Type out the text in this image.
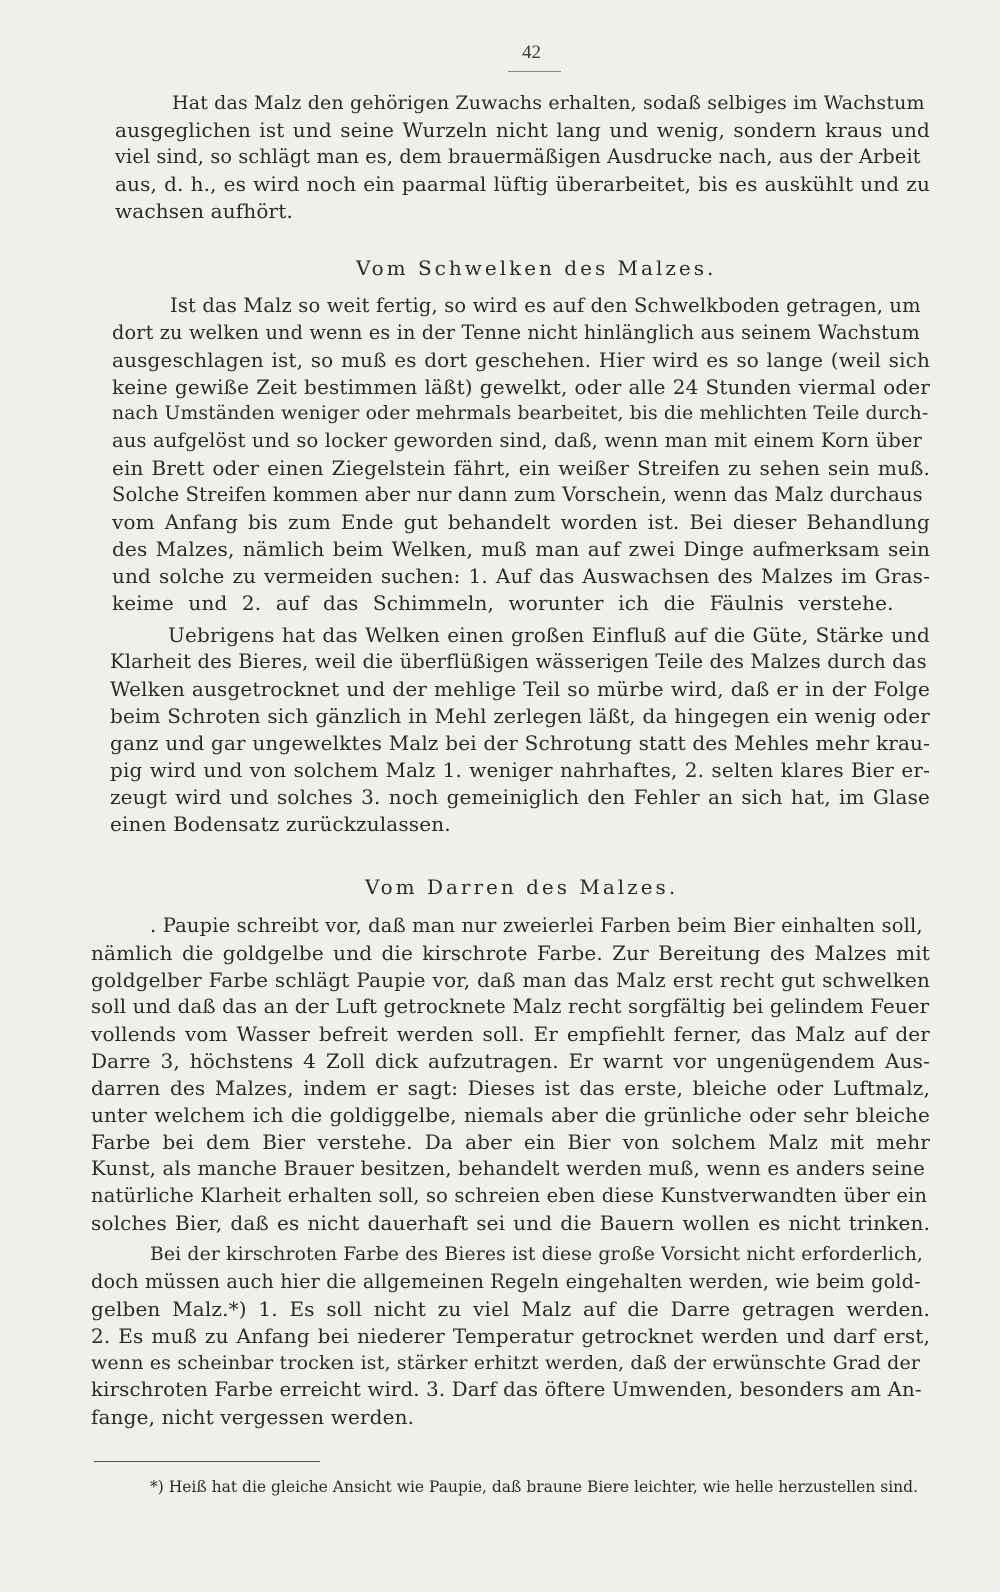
42
Hat das Malz den gehörigen Zuwachs erhalten, sodaß selbiges im Wachstum
ausgeglichen ist und seine Wurzeln nicht lang und wenig, sondern kraus und
viel sind, so schlägt man es, dem brauermäßigen Ausdrucke nach, aus der Arbeit
aus, d. h., es wird noch ein paarmal lüftig überarbeitet, bis es auskühlt und zu
wachsen aufhört.
Vom Schwelken des Malzes.
Ist das Malz so weit fertig, so wird es auf den Schwelkboden getragen, um
dort zu welken und wenn es in der Tenne nicht hinlänglich aus seinem Wachstum
ausgeschlagen ist, so muß es dort geschehen. Hier wird es so lange (weil sich
keine gewiße Zeit bestimmen läßt) gewelkt, oder alle 24 Stunden viermal oder
nach Umständen weniger oder mehrmals bearbeitet, bis die mehlichten Teile durch-
aus aufgelöst und so locker geworden sind, daß, wenn man mit einem Korn über
ein Brett oder einen Ziegelstein fährt, ein weißer Streifen zu sehen sein muß.
Solche Streifen kommen aber nur dann zum Vorschein, wenn das Malz durchaus
vom Anfang bis zum Ende gut behandelt worden ist. Bei dieser Behandlung
des Malzes, nämlich beim Welken, muß man auf zwei Dinge aufmerksam sein
und solche zu vermeiden suchen: 1. Auf das Auswachsen des Malzes im Gras-
keime und 2. auf das Schimmeln, worunter ich die Fäulnis verstehe.
Uebrigens hat das Welken einen großen Einfluß auf die Güte, Stärke und
Klarheit des Bieres, weil die überflüßigen wässerigen Teile des Malzes durch das
Welken ausgetrocknet und der mehlige Teil so mürbe wird, daß er in der Folge
beim Schroten sich gänzlich in Mehl zerlegen läßt, da hingegen ein wenig oder
ganz und gar ungewelktes Malz bei der Schrotung statt des Mehles mehr krau-
pig wird und von solchem Malz 1. weniger nahrhaftes, 2. selten klares Bier er-
zeugt wird und solches 3. noch gemeiniglich den Fehler an sich hat, im Glase
einen Bodensatz zurückzulassen.
Vom Darren des Malzes.
. Paupie schreibt vor, daß man nur zweierlei Farben beim Bier einhalten soll,
nämlich die goldgelbe und die kirschrote Farbe. Zur Bereitung des Malzes mit
goldgelber Farbe schlägt Paupie vor, daß man das Malz erst recht gut schwelken
soll und daß das an der Luft getrocknete Malz recht sorgfältig bei gelindem Feuer
vollends vom Wasser befreit werden soll. Er empfiehlt ferner, das Malz auf der
Darre 3, höchstens 4 Zoll dick aufzutragen. Er warnt vor ungenügendem Aus-
darren des Malzes, indem er sagt: Dieses ist das erste, bleiche oder Luftmalz,
unter welchem ich die goldiggelbe, niemals aber die grünliche oder sehr bleiche
Farbe bei dem Bier verstehe. Da aber ein Bier von solchem Malz mit mehr
Kunst, als manche Brauer besitzen, behandelt werden muß, wenn es anders seine
natürliche Klarheit erhalten soll, so schreien eben diese Kunstverwandten über ein
solches Bier, daß es nicht dauerhaft sei und die Bauern wollen es nicht trinken.
Bei der kirschroten Farbe des Bieres ist diese große Vorsicht nicht erforderlich,
doch müssen auch hier die allgemeinen Regeln eingehalten werden, wie beim gold-
gelben Malz.*) 1. Es soll nicht zu viel Malz auf die Darre getragen werden.
2. Es muß zu Anfang bei niederer Temperatur getrocknet werden und darf erst,
wenn es scheinbar trocken ist, stärker erhitzt werden, daß der erwünschte Grad der
kirschroten Farbe erreicht wird. 3. Darf das öftere Umwenden, besonders am An-
fange, nicht vergessen werden.
*) Heiß hat die gleiche Ansicht wie Paupie, daß braune Biere leichter, wie helle herzustellen sind.
